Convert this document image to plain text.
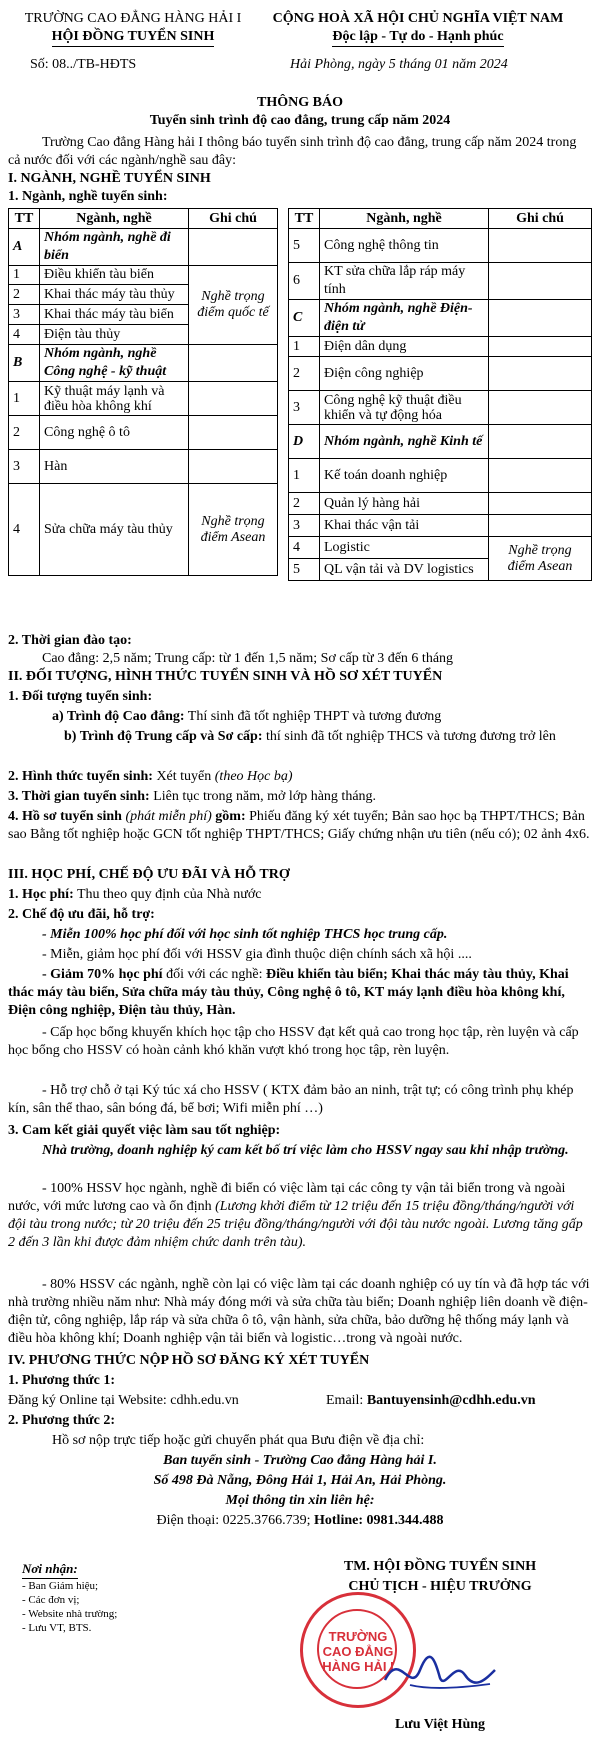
TRƯỜNG CAO ĐẲNG HÀNG HẢI I
HỘI ĐỒNG TUYỂN SINH
Số: 08../TB-HĐTS
CỘNG HOÀ XÃ HỘI CHỦ NGHĨA VIỆT NAM
Độc lập - Tự do - Hạnh phúc
Hải Phòng, ngày 5 tháng 01 năm 2024
THÔNG BÁO
Tuyển sinh trình độ cao đẳng, trung cấp năm 2024

Trường Cao đẳng Hàng hải I thông báo tuyển sinh trình độ cao đẳng, trung cấp năm 2024 trong cả nước đối với các ngành/nghề sau đây:

I. NGÀNH, NGHỀ TUYỂN SINH
1. Ngành, nghề tuyển sinh:
TT	Ngành, nghề	Ghi chú
A	Nhóm ngành, nghề đi biển	
1	Điều khiển tàu biển	Nghề trọng điểm quốc tế
2	Khai thác máy tàu thủy	
3	Khai thác máy tàu biển	
4	Điện tàu thủy	
B	Nhóm ngành, nghề Công nghệ - kỹ thuật	
1	Kỹ thuật máy lạnh và điều hòa không khí	
2	Công nghệ ô tô	
3	Hàn	
4	Sửa chữa máy tàu thủy	Nghề trọng điểm Asean
TT	Ngành, nghề	Ghi chú
5	Công nghệ thông tin	
6	KT sửa chữa lắp ráp máy tính	
C	Nhóm ngành, nghề Điện-điện tử	
1	Điện dân dụng	
2	Điện công nghiệp	
3	Công nghệ kỹ thuật điều khiển và tự động hóa	
D	Nhóm ngành, nghề Kinh tế	
1	Kế toán doanh nghiệp	
2	Quản lý hàng hải	
3	Khai thác vận tải	
4	Logistic	Nghề trọng điểm Asean
5	QL vận tải và DV logistics	
2. Thời gian đào tạo:

Cao đẳng: 2,5 năm; Trung cấp: từ 1 đến 1,5 năm; Sơ cấp từ 3 đến 6 tháng

II. ĐỐI TƯỢNG, HÌNH THỨC TUYỂN SINH VÀ HỒ SƠ XÉT TUYỂN
1. Đối tượng tuyển sinh:

a) Trình độ Cao đẳng: Thí sinh đã tốt nghiệp THPT và tương đương

b) Trình độ Trung cấp và Sơ cấp: thí sinh đã tốt nghiệp THCS và tương đương trở lên

2. Hình thức tuyển sinh: Xét tuyển (theo Học bạ)

3. Thời gian tuyển sinh: Liên tục trong năm, mở lớp hàng tháng.

4. Hồ sơ tuyển sinh (phát miễn phí) gồm: Phiếu đăng ký xét tuyển; Bản sao học bạ THPT/THCS; Bản sao Bằng tốt nghiệp hoặc GCN tốt nghiệp THPT/THCS; Giấy chứng nhận ưu tiên (nếu có); 02 ảnh 4x6.

III. HỌC PHÍ, CHẾ ĐỘ ƯU ĐÃI VÀ HỖ TRỢ

1. Học phí: Thu theo quy định của Nhà nước

2. Chế độ ưu đãi, hỗ trợ:

- Miễn 100% học phí đối với học sinh tốt nghiệp THCS học trung cấp.

- Miễn, giảm học phí đối với HSSV gia đình thuộc diện chính sách xã hội ....

- Giảm 70% học phí đối với các nghề: Điều khiển tàu biển; Khai thác máy tàu thủy, Khai thác máy tàu biển, Sửa chữa máy tàu thủy, Công nghệ ô tô, KT máy lạnh điều hòa không khí, Điện công nghiệp, Điện tàu thủy, Hàn.

- Cấp học bổng khuyến khích học tập cho HSSV đạt kết quả cao trong học tập, rèn luyện và cấp học bổng cho HSSV có hoàn cảnh khó khăn vượt khó trong học tập, rèn luyện.

- Hỗ trợ chỗ ở tại Ký túc xá cho HSSV ( KTX đảm bảo an ninh, trật tự; có công trình phụ khép kín, sân thể thao, sân bóng đá, bể bơi; Wifi miễn phí …)

3. Cam kết giải quyết việc làm sau tốt nghiệp:

Nhà trường, doanh nghiệp ký cam kết bố trí việc làm cho HSSV ngay sau khi nhập trường.

- 100% HSSV học ngành, nghề đi biển có việc làm tại các công ty vận tải biển trong và ngoài nước, với mức lương cao và ổn định (Lương khởi điểm từ 12 triệu đến 15 triệu đồng/tháng/người với đội tàu trong nước; từ 20 triệu đến 25 triệu đồng/tháng/người với đội tàu nước ngoài. Lương tăng gấp 2 đến 3 lần khi được đảm nhiệm chức danh trên tàu).

- 80% HSSV các ngành, nghề còn lại có việc làm tại các doanh nghiệp có uy tín và đã hợp tác với nhà trường nhiều năm như: Nhà máy đóng mới và sửa chữa tàu biển; Doanh nghiệp liên doanh về điện-điện tử, công nghiệp, lắp ráp và sửa chữa ô tô, vận hành, sửa chữa, bảo dưỡng hệ thống máy lạnh và điều hòa không khí; Doanh nghiệp vận tải biển và logistic…trong và ngoài nước.

IV. PHƯƠNG THỨC NỘP HỒ SƠ ĐĂNG KÝ XÉT TUYỂN
1. Phương thức 1:

Đăng ký Online tại Website: cdhh.edu.vn	Email: Bantuyensinh@cdhh.edu.vn

2. Phương thức 2:

Hồ sơ nộp trực tiếp hoặc gửi chuyển phát qua Bưu điện về địa chỉ:

Ban tuyển sinh - Trường Cao đẳng Hàng hải I.

Số 498 Đà Nẵng, Đông Hải 1, Hải An, Hải Phòng.

Mọi thông tin xin liên hệ:

Điện thoại: 0225.3766.739; Hotline: 0981.344.488

Nơi nhận:
- Ban Giám hiệu;
- Các đơn vị;
- Website nhà trường;
- Lưu VT, BTS.
TM. HỘI ĐỒNG TUYỂN SINH
CHỦ TỊCH - HIỆU TRƯỞNG
TRƯỜNG
CAO ĐẲNG
HÀNG HẢI I
Lưu Việt Hùng
